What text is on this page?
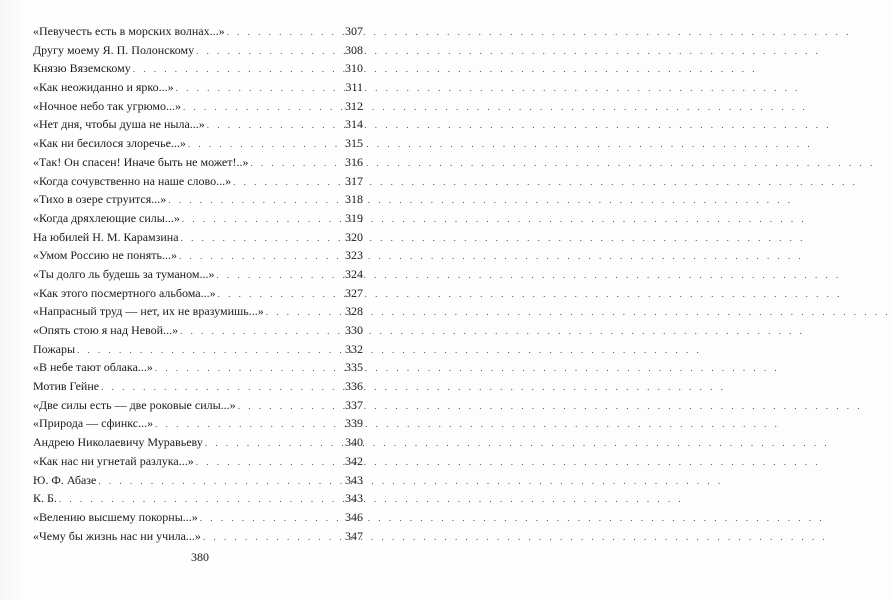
«Певучесть есть в морских волнах...» . . .	307
Другу моему Я. П. Полонскому . . .	308
Князю Вяземскому . . .	310
«Как неожиданно и ярко...» . . .	311
«Ночное небо так угрюмо...» . . .	312
«Нет дня, чтобы душа не ныла...» . . .	314
«Как ни бесилося злоречье...» . . .	315
«Так! Он спасен! Иначе быть не может!..» . . .	316
«Когда сочувственно на наше слово...» . . .	317
«Тихо в озере струится...» . . .	318
«Когда дряхлеющие силы...» . . .	319
На юбилей Н. М. Карамзина . . .	320
«Умом Россию не понять...» . . .	323
«Ты долго ль будешь за туманом...» . . .	324
«Как этого посмертного альбома...» . . .	327
«Напрасный труд — нет, их не вразумишь...» . . .	328
«Опять стою я над Невой...» . . .	330
Пожары . . .	332
«В небе тают облака...» . . .	335
Мотив Гейне . . .	336
«Две силы есть — две роковые силы...» . . .	337
«Природа — сфинкс...» . . .	339
Андрею Николаевичу Муравьеву . . .	340
«Как нас ни угнетай разлука...» . . .	342
Ю. Ф. Абазе . . .	343
К. Б. . . .	343
«Велению высшему покорны...» . . .	346
«Чему бы жизнь нас ни учила...» . . .	347
380
